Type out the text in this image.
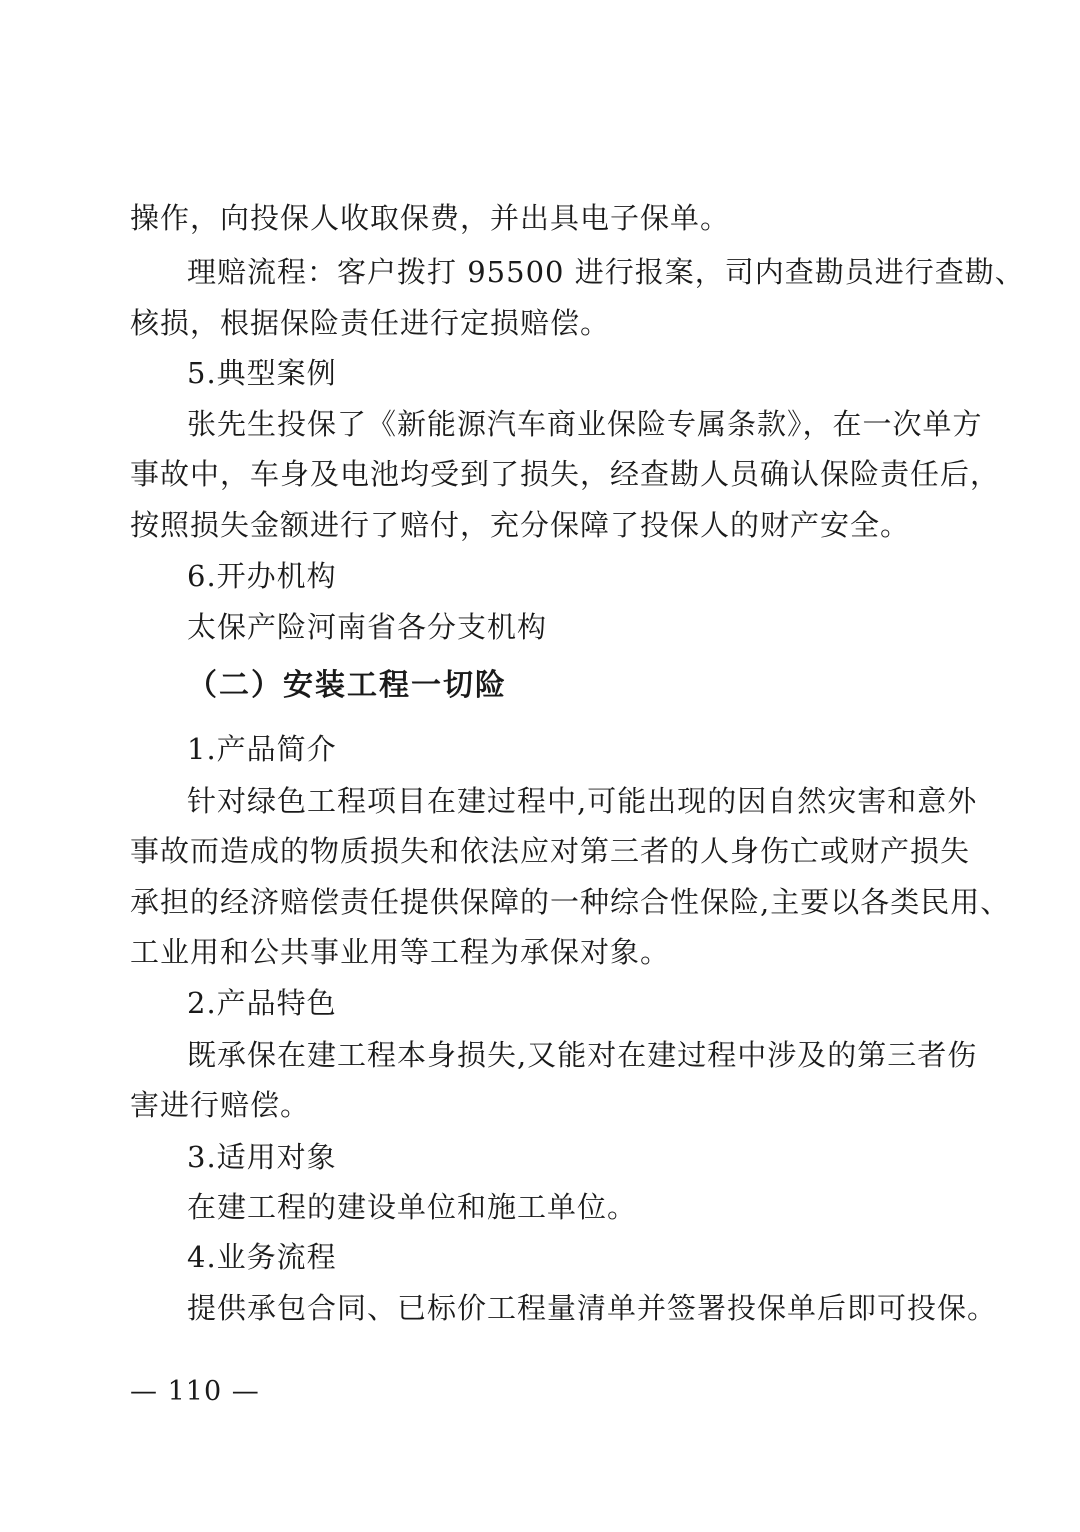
操作，向投保人收取保费，并出具电子保单。
理赔流程：客户拨打 95500 进行报案，司内查勘员进行查勘、
核损，根据保险责任进行定损赔偿。
5.典型案例
张先生投保了《新能源汽车商业保险专属条款》，在一次单方
事故中，车身及电池均受到了损失，经查勘人员确认保险责任后，
按照损失金额进行了赔付，充分保障了投保人的财产安全。
6.开办机构
太保产险河南省各分支机构
（二）安装工程一切险
1.产品简介
针对绿色工程项目在建过程中,可能出现的因自然灾害和意外
事故而造成的物质损失和依法应对第三者的人身伤亡或财产损失
承担的经济赔偿责任提供保障的一种综合性保险,主要以各类民用、
工业用和公共事业用等工程为承保对象。
2.产品特色
既承保在建工程本身损失,又能对在建过程中涉及的第三者伤
害进行赔偿。
3.适用对象
在建工程的建设单位和施工单位。
4.业务流程
提供承包合同、已标价工程量清单并签署投保单后即可投保。
— 110 —
